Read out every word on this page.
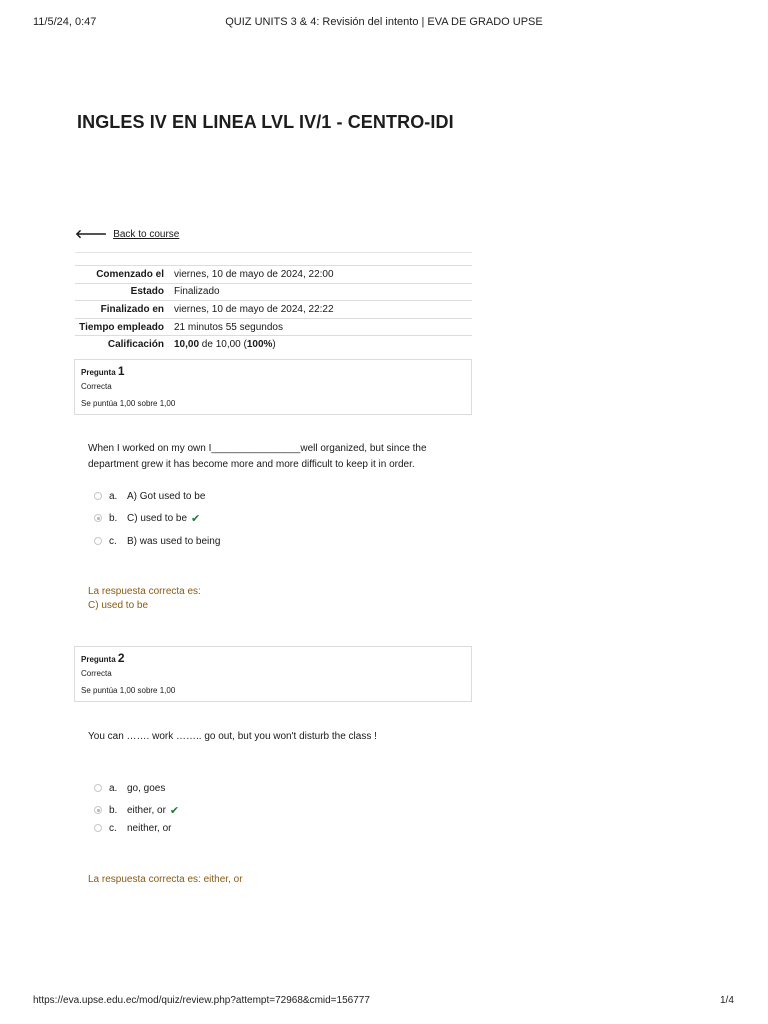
11/5/24, 0:47	QUIZ UNITS 3 & 4: Revisión del intento | EVA DE GRADO UPSE
https://eva.upse.edu.ec/mod/quiz/review.php?attempt=72968&cmid=156777	1/4
INGLES IV EN LINEA LVL IV/1 - CENTRO-IDI
🡐 Back to course
Comenzado el	viernes, 10 de mayo de 2024, 22:00
Estado	Finalizado
Finalizado en	viernes, 10 de mayo de 2024, 22:22
Tiempo empleado	21 minutos 55 segundos
Calificación	10,00 de 10,00 (100%)
Pregunta 1
Correcta
Se puntúa 1,00 sobre 1,00
When I worked on my own I________________well organized, but since the department grew it has become more and more difficult to keep it in order.
a. A) Got used to be
b. C) used to be ✔
c.	B) was used to being
La respuesta correcta es:
C) used to be
Pregunta 2
Correcta
Se puntúa 1,00 sobre 1,00
You can ……. work …….. go out, but you won't disturb the class !
a. go, goes
b. either, or ✔
c.	neither, or
La respuesta correcta es: either, or
